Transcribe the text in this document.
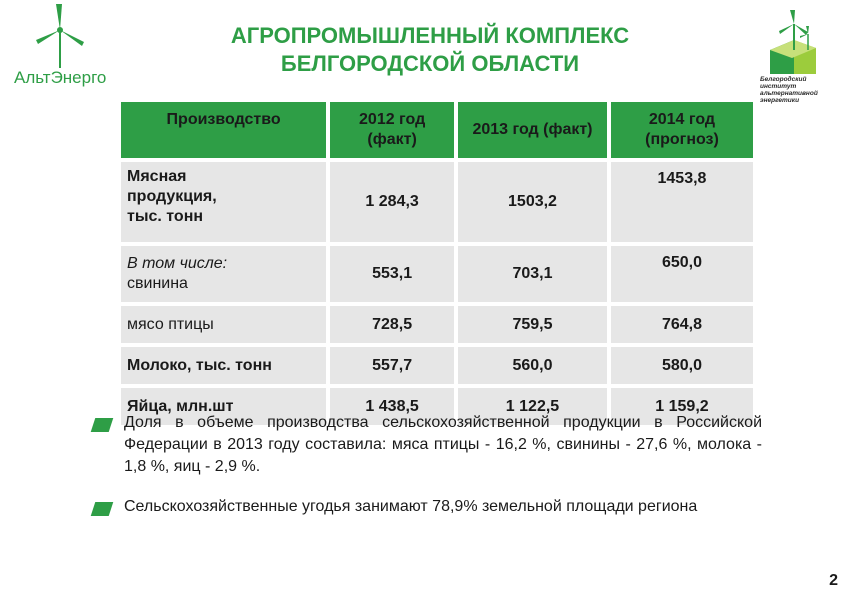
АльтЭнерго	Белгородский институт альтернативной энергетики
АГРОПРОМЫШЛЕННЫЙ КОМПЛЕКС
БЕЛГОРОДСКОЙ ОБЛАСТИ
Производство	2012 год (факт)	2013 год (факт)	2014 год (прогноз)

Мясная
продукция,
тыс. тонн	1 284,3	1503,2	1453,8

В том числе:
свинина	553,1	703,1	650,0
мясо птицы	728,5	759,5	764,8
Молоко, тыс. тонн	557,7	560,0	580,0
Яйца, млн.шт	1 438,5	1 122,5	1 159,2
Доля в объеме производства сельскохозяйственной продукции в Российской Федерации в 2013 году составила: мяса птицы - 16,2 %, свинины - 27,6 %, молока - 1,8 %, яиц - 2,9 %.
Сельскохозяйственные угодья занимают 78,9% земельной площади региона
2
